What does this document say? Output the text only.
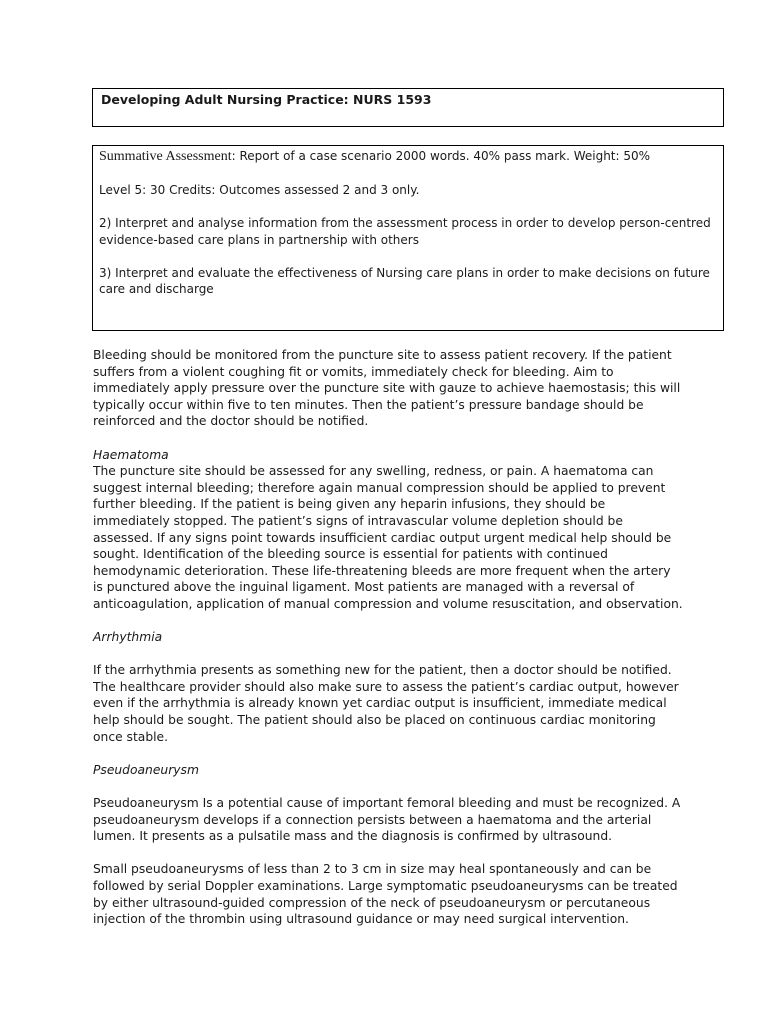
Developing Adult Nursing Practice: NURS 1593

Summative Assessment: Report of a case scenario 2000 words. 40% pass mark. Weight: 50%

Level 5: 30 Credits: Outcomes assessed 2 and 3 only.

2) Interpret and analyse information from the assessment process in order to develop person-centred evidence-based care plans in partnership with others

3) Interpret and evaluate the effectiveness of Nursing care plans in order to make decisions on future care and discharge

Bleeding should be monitored from the puncture site to assess patient recovery. If the patient suffers from a violent coughing fit or vomits, immediately check for bleeding. Aim to immediately apply pressure over the puncture site with gauze to achieve haemostasis; this will typically occur within five to ten minutes. Then the patient’s pressure bandage should be reinforced and the doctor should be notified.

Haematoma

The puncture site should be assessed for any swelling, redness, or pain. A haematoma can suggest internal bleeding; therefore again manual compression should be applied to prevent further bleeding. If the patient is being given any heparin infusions, they should be immediately stopped. The patient’s signs of intravascular volume depletion should be assessed. If any signs point towards insufficient cardiac output urgent medical help should be sought. Identification of the bleeding source is essential for patients with continued hemodynamic deterioration. These life-threatening bleeds are more frequent when the artery is punctured above the inguinal ligament. Most patients are managed with a reversal of anticoagulation, application of manual compression and volume resuscitation, and observation.

Arrhythmia

If the arrhythmia presents as something new for the patient, then a doctor should be notified. The healthcare provider should also make sure to assess the patient’s cardiac output, however even if the arrhythmia is already known yet cardiac output is insufficient, immediate medical help should be sought. The patient should also be placed on continuous cardiac monitoring once stable.

Pseudoaneurysm

Pseudoaneurysm Is a potential cause of important femoral bleeding and must be recognized. A pseudoaneurysm develops if a connection persists between a haematoma and the arterial lumen. It presents as a pulsatile mass and the diagnosis is confirmed by ultrasound.

Small pseudoaneurysms of less than 2 to 3 cm in size may heal spontaneously and can be followed by serial Doppler examinations. Large symptomatic pseudoaneurysms can be treated by either ultrasound-guided compression of the neck of pseudoaneurysm or percutaneous injection of the thrombin using ultrasound guidance or may need surgical intervention.
